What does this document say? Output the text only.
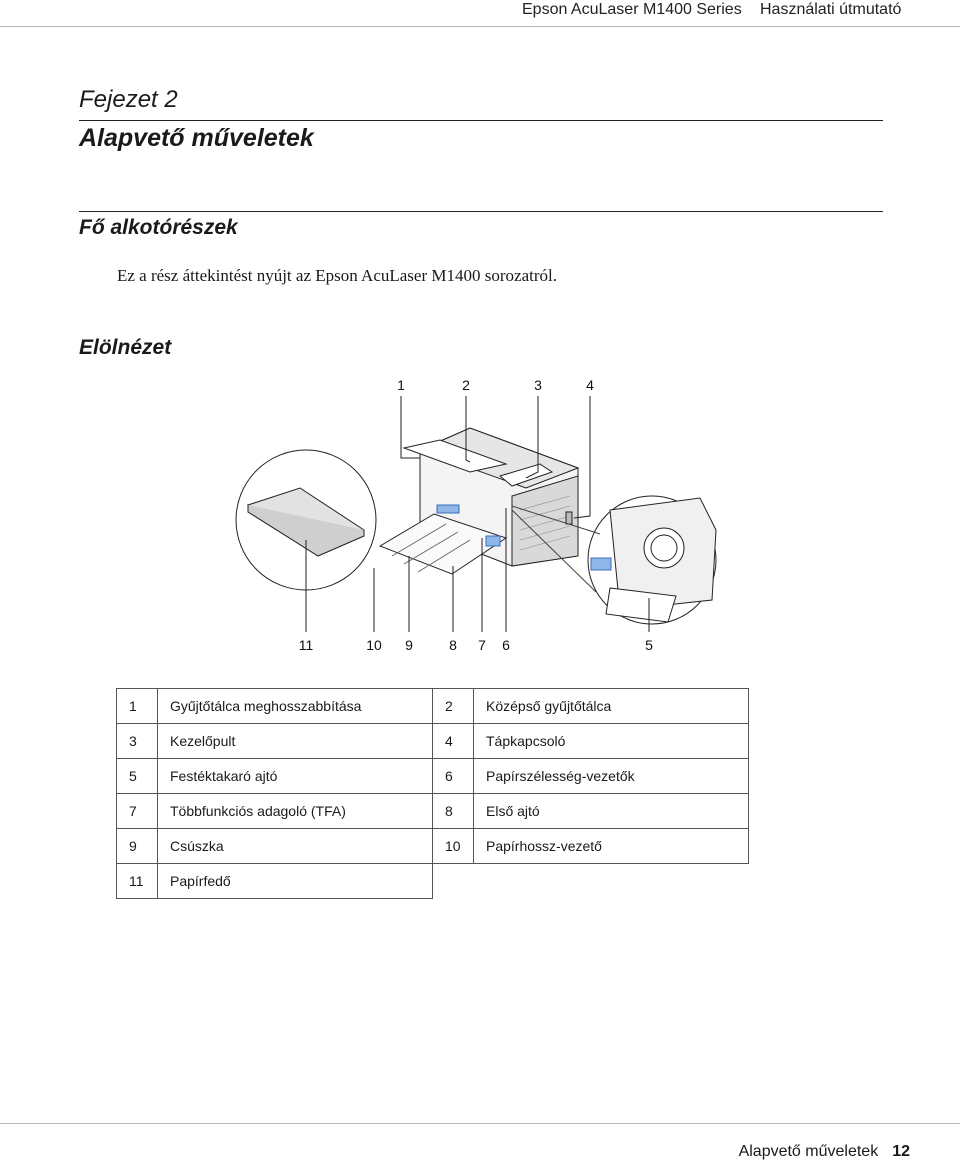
Epson AcuLaser M1400 Series Használati útmutató
Fejezet 2
Alapvető műveletek
Fő alkotórészek
Ez a rész áttekintést nyújt az Epson AcuLaser M1400 sorozatról.
Elölnézet
1	2	3	4
11	10 9	8 7 6	5
1	Gyűjtőtálca meghosszabbítása	2	Középső gyűjtőtálca
3	Kezelőpult	4	Tápkapcsoló
5	Festéktakaró ajtó	6	Papírszélesség-vezetők
7	Többfunkciós adagoló (TFA)	8	Első ajtó
9	Csúszka	10	Papírhossz-vezető
11	Papírfedő		
Alapvető műveletek 12
